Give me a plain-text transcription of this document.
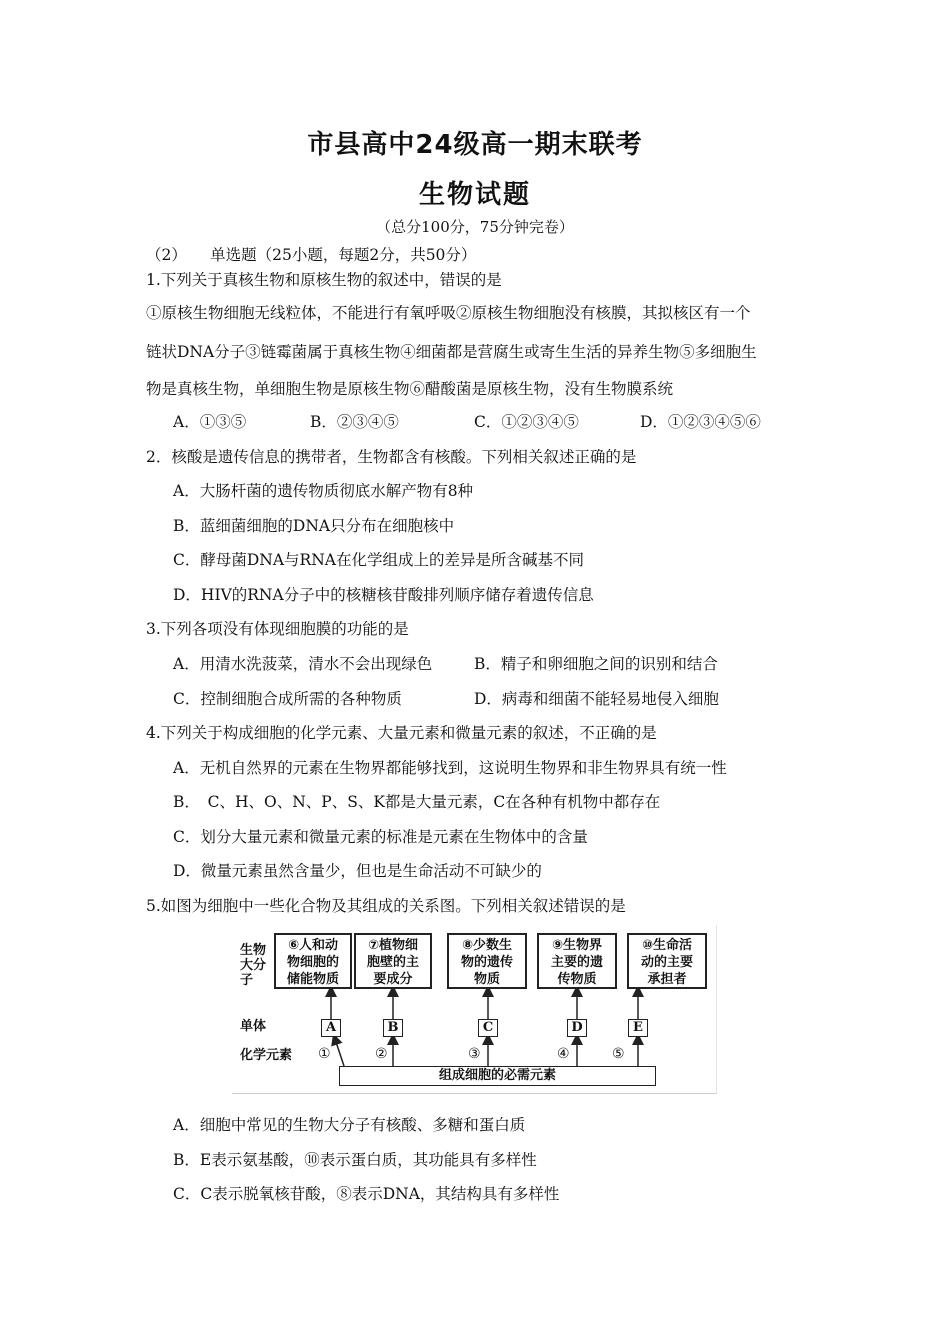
市县高中24级高一期末联考
生物试题
（总分100分，75分钟完卷）
（2）　　单选题（25小题，每题2分，共50分）
1.下列关于真核生物和原核生物的叙述中，错误的是
①原核生物细胞无线粒体，不能进行有氧呼吸②原核生物细胞没有核膜，其拟核区有一个
链状DNA分子③链霉菌属于真核生物④细菌都是营腐生或寄生生活的异养生物⑤多细胞生
物是真核生物，单细胞生物是原核生物⑥醋酸菌是原核生物，没有生物膜系统
A．①③⑤	B．②③④⑤	C．①②③④⑤	D．①②③④⑤⑥
2．核酸是遗传信息的携带者，生物都含有核酸。下列相关叙述正确的是
A．大肠杆菌的遗传物质彻底水解产物有8种
B．蓝细菌细胞的DNA只分布在细胞核中
C．酵母菌DNA与RNA在化学组成上的差异是所含碱基不同
D．HIV的RNA分子中的核糖核苷酸排列顺序储存着遗传信息
3.下列各项没有体现细胞膜的功能的是
A．用清水洗菠菜，清水不会出现绿色	B．精子和卵细胞之间的识别和结合
C．控制细胞合成所需的各种物质	D．病毒和细菌不能轻易地侵入细胞
4.下列关于构成细胞的化学元素、大量元素和微量元素的叙述，不正确的是
A．无机自然界的元素在生物界都能够找到，这说明生物界和非生物界具有统一性
B．　C、H、O、N、P、S、K都是大量元素，C在各种有机物中都存在
C．划分大量元素和微量元素的标准是元素在生物体中的含量
D．微量元素虽然含量少，但也是生命活动不可缺少的
5.如图为细胞中一些化合物及其组成的关系图。下列相关叙述错误的是
生物
大分
子
单体
化学元素
⑥人和动
物细胞的
储能物质
⑦植物细
胞壁的主
要成分
⑧少数生
物的遗传
物质
⑨生物界
主要的遗
传物质
⑩生命活
动的主要
承担者
A	B	C	D	E
①	②	③	④	⑤
组成细胞的必需元素
A．细胞中常见的生物大分子有核酸、多糖和蛋白质
B．E表示氨基酸，⑩表示蛋白质，其功能具有多样性
C．C表示脱氧核苷酸，⑧表示DNA，其结构具有多样性
